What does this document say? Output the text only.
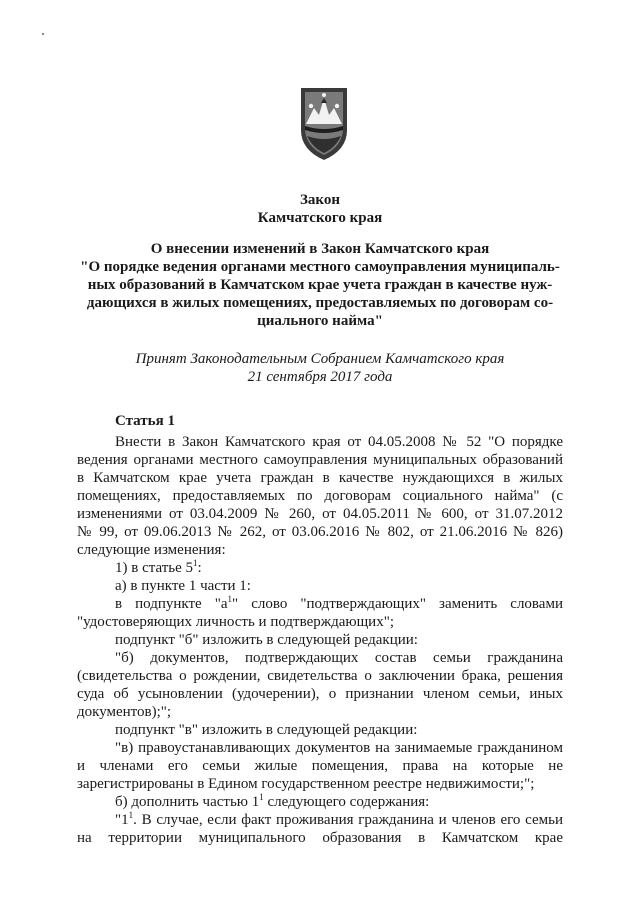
Закон
Камчатского края
О внесении изменений в Закон Камчатского края
"О порядке ведения органами местного самоуправления муниципаль-
ных образований в Камчатском крае учета граждан в качестве нуж-
дающихся в жилых помещениях, предоставляемых по договорам со-
циального найма"
Принят Законодательным Собранием Камчатского края
21 сентября 2017 года
Статья 1
Внести в Закон Камчатского края от 04.05.2008 № 52 "О порядке
ведения органами местного самоуправления муниципальных образований
в Камчатском крае учета граждан в качестве нуждающихся в жилых
помещениях, предоставляемых по договорам социального найма" (с
изменениями от 03.04.2009 № 260, от 04.05.2011 № 600, от 31.07.2012
№ 99, от 09.06.2013 № 262, от 03.06.2016 № 802, от 21.06.2016 № 826)
следующие изменения:
1) в статье $5^1$:
а) в пункте 1 части 1:
в подпункте "$а^1$" слово "подтверждающих" заменить словами
"удостоверяющих личность и подтверждающих";
подпункт "б" изложить в следующей редакции:
"б) документов, подтверждающих состав семьи гражданина
(свидетельства о рождении, свидетельства о заключении брака, решения
суда об усыновлении (удочерении), о признании членом семьи, иных
документов);";
подпункт "в" изложить в следующей редакции:
"в) правоустанавливающих документов на занимаемые гражданином
и членами его семьи жилые помещения, права на которые не
зарегистрированы в Едином государственном реестре недвижимости;";
б) дополнить частью $1^1$ следующего содержания:
"$1^1$. В случае, если факт проживания гражданина и членов его семьи
на территории муниципального образования в Камчатском крае
